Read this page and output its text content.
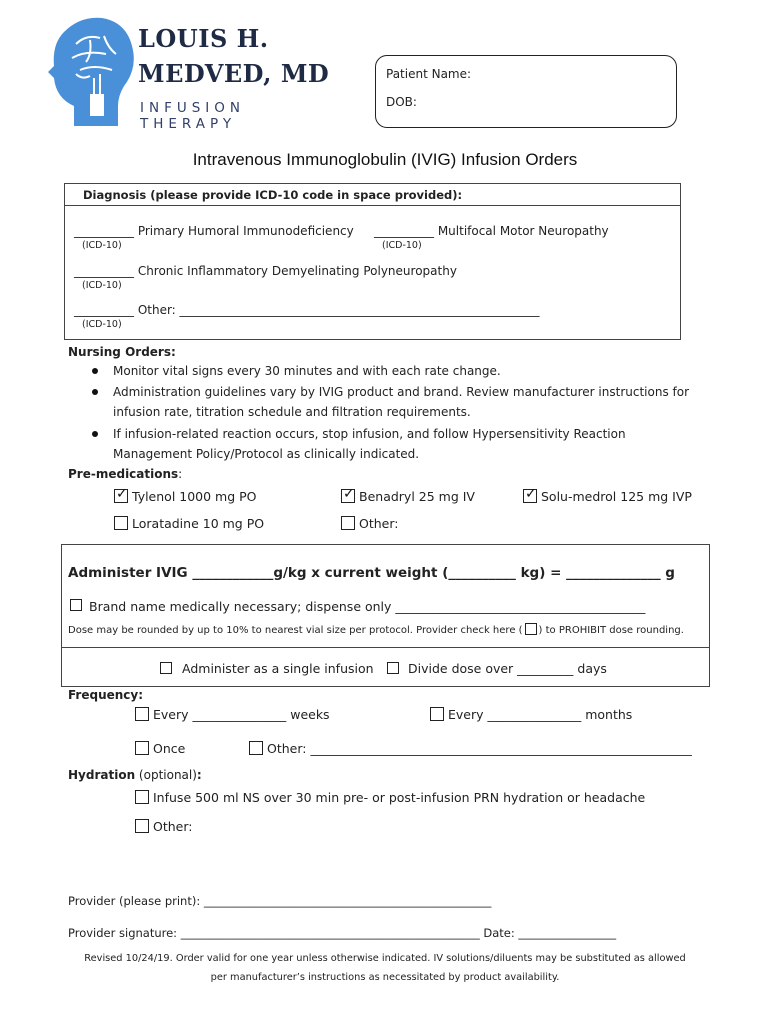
LOUIS H.
MEDVED, MD
INFUSION THERAPY
Patient Name:
DOB:
Intravenous Immunoglobulin (IVIG) Infusion Orders
Diagnosis (please provide ICD-10 code in space provided):
__________ Primary Humoral Immunodeficiency
(ICD-10)
__________ Multifocal Motor Neuropathy
(ICD-10)
__________ Chronic Inflammatory Demyelinating Polyneuropathy
(ICD-10)
__________ Other: ____________________________________________________________
(ICD-10)
Nursing Orders:
Monitor vital signs every 30 minutes and with each rate change.
Administration guidelines vary by IVIG product and brand. Review manufacturer instructions for
infusion rate, titration schedule and filtration requirements.
If infusion-related reaction occurs, stop infusion, and follow Hypersensitivity Reaction
Management Policy/Protocol as clinically indicated.
Pre-medications:
✓
Tylenol 1000 mg PO ✓	Benadryl 25 mg IV ✓	Solu-medrol 125 mg IVP
Loratadine 10 mg PO	Other:
Administer IVIG ____________g/kg x current weight (__________ kg) = ______________ g
Brand name medically necessary; dispense only ________________________________________
Dose may be rounded by up to 10% to nearest vial size per protocol. Provider check here ( ) to PROHIBIT dose rounding.
Administer as a single infusion	Divide dose over _________ days
Frequency:
Every _______________ weeks	Every _______________ months
Once	Other: _____________________________________________________________
Hydration (optional):
Infuse 500 ml NS over 30 min pre- or post-infusion PRN hydration or headache
Other:
Provider (please print): __________________________________________________
Provider signature: ____________________________________________________ Date: _________________
Revised 10/24/19. Order valid for one year unless otherwise indicated. IV solutions/diluents may be substituted as allowed
per manufacturer’s instructions as necessitated by product availability.
